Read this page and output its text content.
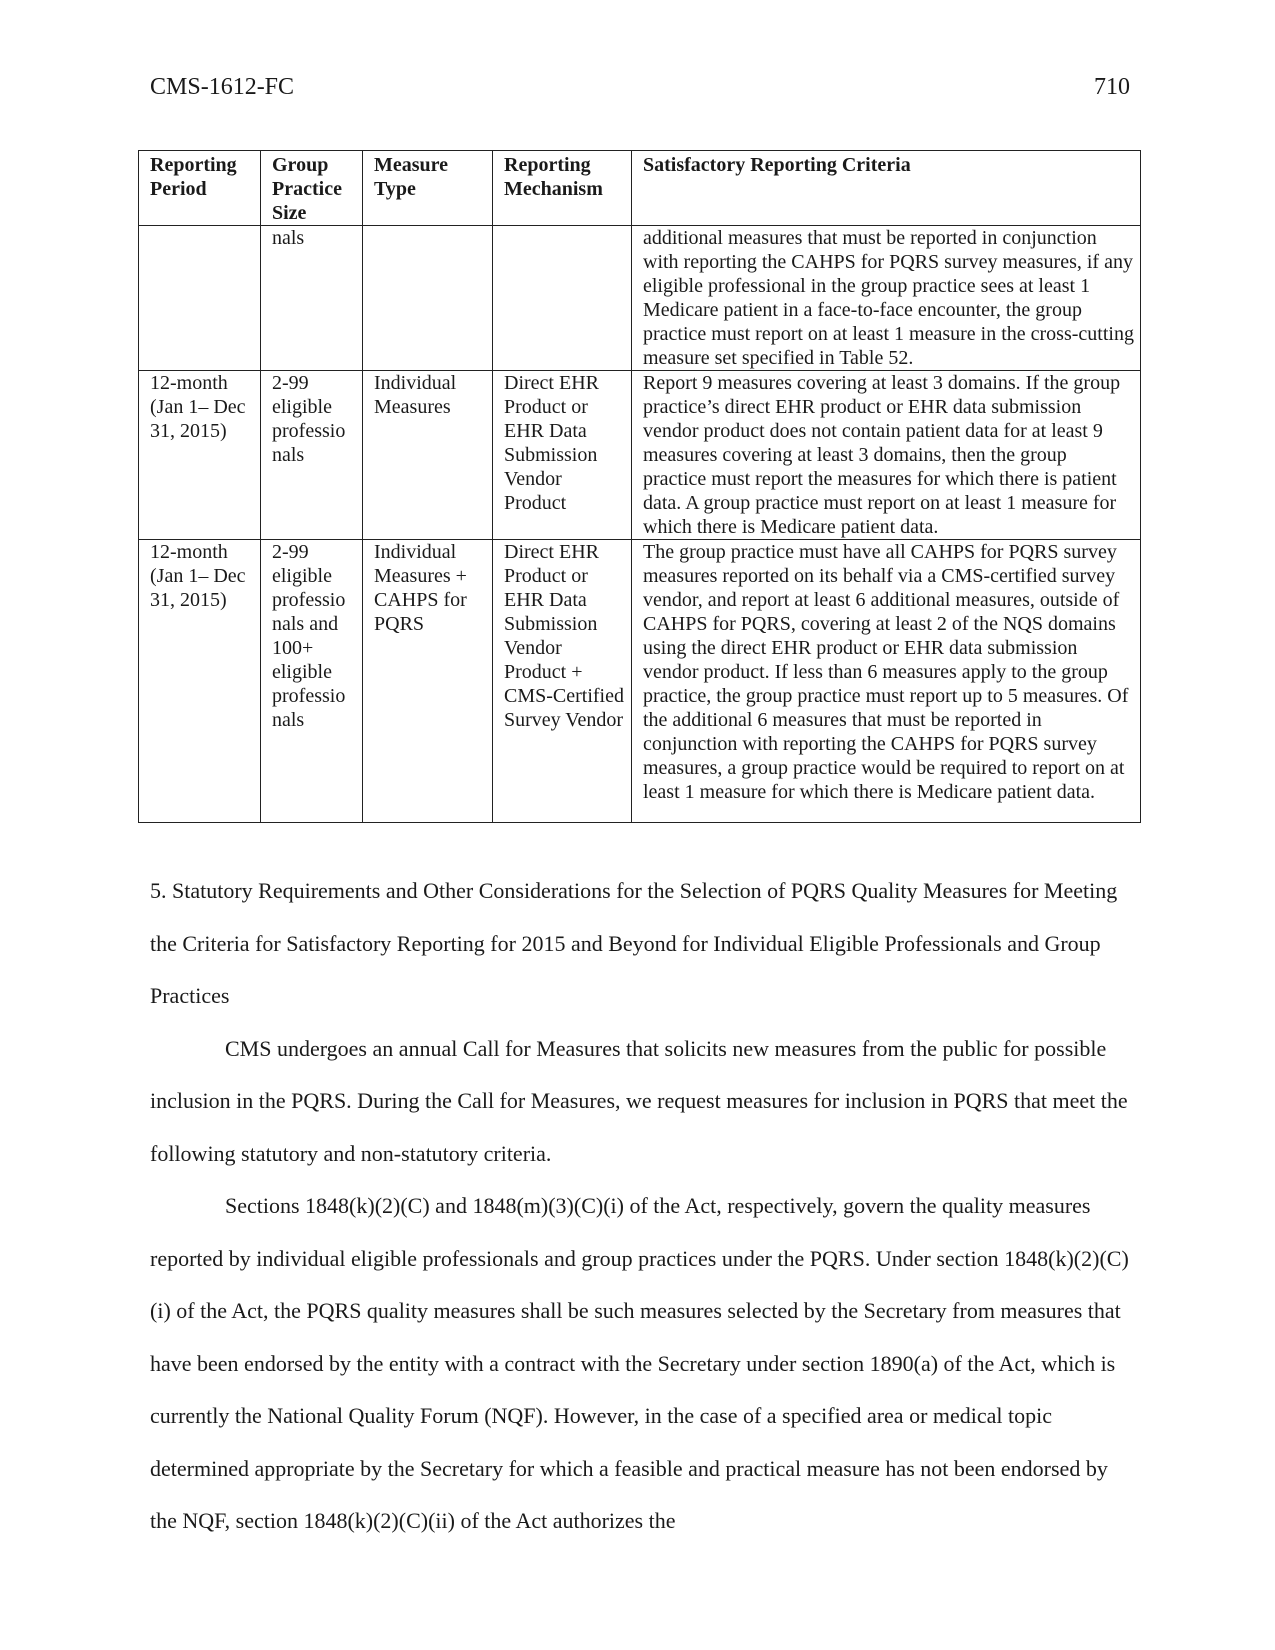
CMS-1612-FC	710
Reporting Period	Group Practice Size	Measure Type	Reporting Mechanism	Satisfactory Reporting Criteria
	nals			additional measures that must be reported in conjunction with reporting the CAHPS for PQRS survey measures, if any eligible professional in the group practice sees at least 1 Medicare patient in a face-to-face encounter, the group practice must report on at least 1 measure in the cross-cutting measure set specified in Table 52.
12-month (Jan 1– Dec 31, 2015)	2-99 eligible professio nals	Individual Measures	Direct EHR Product or EHR Data Submission Vendor Product	Report 9 measures covering at least 3 domains. If the group practice’s direct EHR product or EHR data submission vendor product does not contain patient data for at least 9 measures covering at least 3 domains, then the group practice must report the measures for which there is patient data. A group practice must report on at least 1 measure for which there is Medicare patient data.
12-month (Jan 1– Dec 31, 2015)	2-99 eligible professio nals and 100+ eligible professio nals	Individual Measures + CAHPS for PQRS	Direct EHR Product or EHR Data Submission Vendor Product + CMS-Certified Survey Vendor	The group practice must have all CAHPS for PQRS survey measures reported on its behalf via a CMS-certified survey vendor, and report at least 6 additional measures, outside of CAHPS for PQRS, covering at least 2 of the NQS domains using the direct EHR product or EHR data submission vendor product. If less than 6 measures apply to the group practice, the group practice must report up to 5 measures. Of the additional 6 measures that must be reported in conjunction with reporting the CAHPS for PQRS survey measures, a group practice would be required to report on at least 1 measure for which there is Medicare patient data.

5. Statutory Requirements and Other Considerations for the Selection of PQRS Quality Measures for Meeting the Criteria for Satisfactory Reporting for 2015 and Beyond for Individual Eligible Professionals and Group Practices

CMS undergoes an annual Call for Measures that solicits new measures from the public for possible inclusion in the PQRS. During the Call for Measures, we request measures for inclusion in PQRS that meet the following statutory and non-statutory criteria.

Sections 1848(k)(2)(C) and 1848(m)(3)(C)(i) of the Act, respectively, govern the quality measures reported by individual eligible professionals and group practices under the PQRS. Under section 1848(k)(2)(C)(i) of the Act, the PQRS quality measures shall be such measures selected by the Secretary from measures that have been endorsed by the entity with a contract with the Secretary under section 1890(a) of the Act, which is currently the National Quality Forum (NQF). However, in the case of a specified area or medical topic determined appropriate by the Secretary for which a feasible and practical measure has not been endorsed by the NQF, section 1848(k)(2)(C)(ii) of the Act authorizes the
